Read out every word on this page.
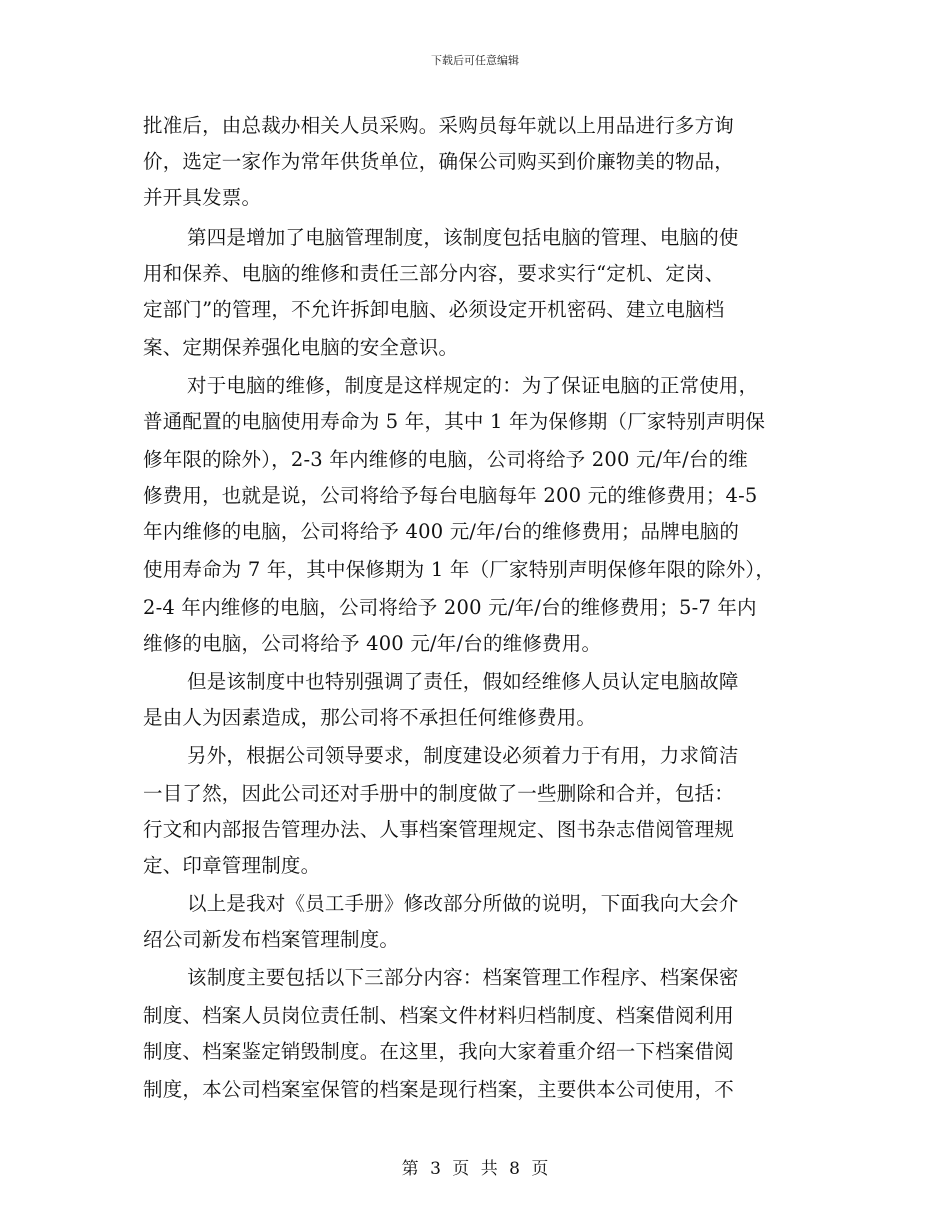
下载后可任意编辑
批准后，由总裁办相关人员采购。采购员每年就以上用品进行多方询
价，选定一家作为常年供货单位，确保公司购买到价廉物美的物品，
并开具发票。
第四是增加了电脑管理制度，该制度包括电脑的管理、电脑的使
用和保养、电脑的维修和责任三部分内容，要求实行“定机、定岗、
定部门”的管理，不允许拆卸电脑、必须设定开机密码、建立电脑档
案、定期保养强化电脑的安全意识。
对于电脑的维修，制度是这样规定的：为了保证电脑的正常使用，
普通配置的电脑使用寿命为 5 年，其中 1 年为保修期（厂家特别声明保
修年限的除外），2-3 年内维修的电脑，公司将给予 200 元/年/台的维
修费用，也就是说，公司将给予每台电脑每年 200 元的维修费用；4-5
年内维修的电脑，公司将给予 400 元/年/台的维修费用；品牌电脑的
使用寿命为 7 年，其中保修期为 1 年（厂家特别声明保修年限的除外），
2-4 年内维修的电脑，公司将给予 200 元/年/台的维修费用；5-7 年内
维修的电脑，公司将给予 400 元/年/台的维修费用。
但是该制度中也特别强调了责任，假如经维修人员认定电脑故障
是由人为因素造成，那公司将不承担任何维修费用。
另外，根据公司领导要求，制度建设必须着力于有用，力求简洁
一目了然，因此公司还对手册中的制度做了一些删除和合并，包括：
行文和内部报告管理办法、人事档案管理规定、图书杂志借阅管理规
定、印章管理制度。
以上是我对《员工手册》修改部分所做的说明，下面我向大会介
绍公司新发布档案管理制度。
该制度主要包括以下三部分内容：档案管理工作程序、档案保密
制度、档案人员岗位责任制、档案文件材料归档制度、档案借阅利用
制度、档案鉴定销毁制度。在这里，我向大家着重介绍一下档案借阅
制度，本公司档案室保管的档案是现行档案，主要供本公司使用，不
第 3 页 共 8 页
